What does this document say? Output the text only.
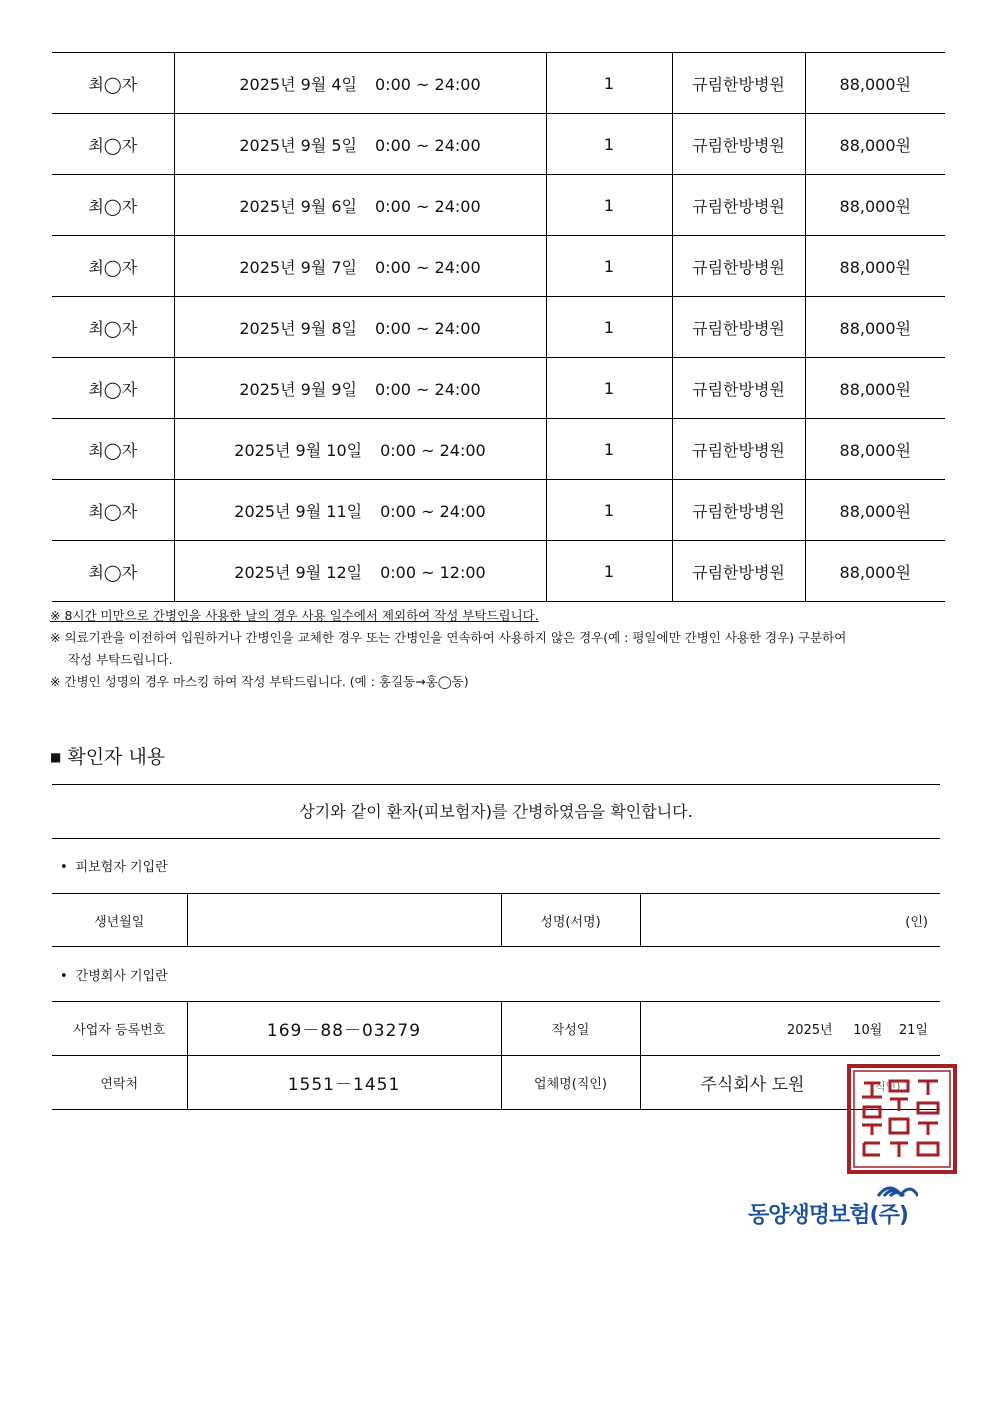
최◯자	2025년 9월 4일 0:00 ~ 24:00	1	규림한방병원	88,000원
최◯자	2025년 9월 5일 0:00 ~ 24:00	1	규림한방병원	88,000원
최◯자	2025년 9월 6일 0:00 ~ 24:00	1	규림한방병원	88,000원
최◯자	2025년 9월 7일 0:00 ~ 24:00	1	규림한방병원	88,000원
최◯자	2025년 9월 8일 0:00 ~ 24:00	1	규림한방병원	88,000원
최◯자	2025년 9월 9일 0:00 ~ 24:00	1	규림한방병원	88,000원
최◯자	2025년 9월 10일 0:00 ~ 24:00	1	규림한방병원	88,000원
최◯자	2025년 9월 11일 0:00 ~ 24:00	1	규림한방병원	88,000원
최◯자	2025년 9월 12일 0:00 ~ 12:00	1	규림한방병원	88,000원
※ 8시간 미만으로 간병인을 사용한 날의 경우 사용 일수에서 제외하여 작성 부탁드립니다.
※ 의료기관을 이전하여 입원하거나 간병인을 교체한 경우 또는 간병인을 연속하여 사용하지 않은 경우(예 : 평일에만 간병인 사용한 경우) 구분하여
작성 부탁드립니다.
※ 간병인 성명의 경우 마스킹 하여 작성 부탁드립니다. (예 : 홍길동→홍◯동)
■ 확인자 내용
상기와 같이 환자(피보험자)를 간병하였음을 확인합니다.
• 피보험자 기입란
생년월일		성명(서명)	(인)
• 간병회사 기입란
사업자 등록번호	169－88－03279	작성일	2025년     10월    21일
연락처	1551－1451	업체명(직인)	주식회사 도원 (직인)
동양생명보험(주)
